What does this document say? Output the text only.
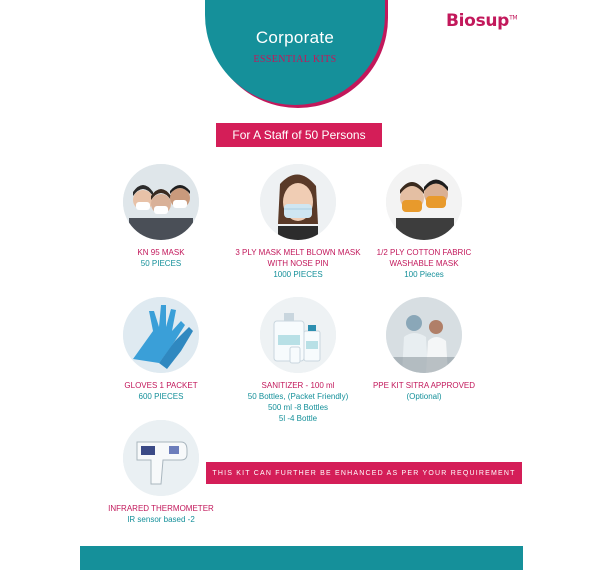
Corporate
ESSENTIAL KITS
Biosup™
For A Staff of 50 Persons
KN 95 MASK
50 PIECES
3 PLY MASK MELT BLOWN MASK
WITH NOSE PIN
1000 PIECES
1/2 PLY COTTON FABRIC
WASHABLE MASK
100 Pieces
GLOVES 1 PACKET
600 PIECES
SANITIZER - 100 ml
50 Bottles, (Packet Friendly)
500 ml -8 Bottles
5l -4 Bottle
PPE KIT SITRA APPROVED
(Optional)
INFRARED THERMOMETER
IR sensor based -2
THIS KIT CAN FURTHER BE ENHANCED AS PER YOUR REQUIREMENT
